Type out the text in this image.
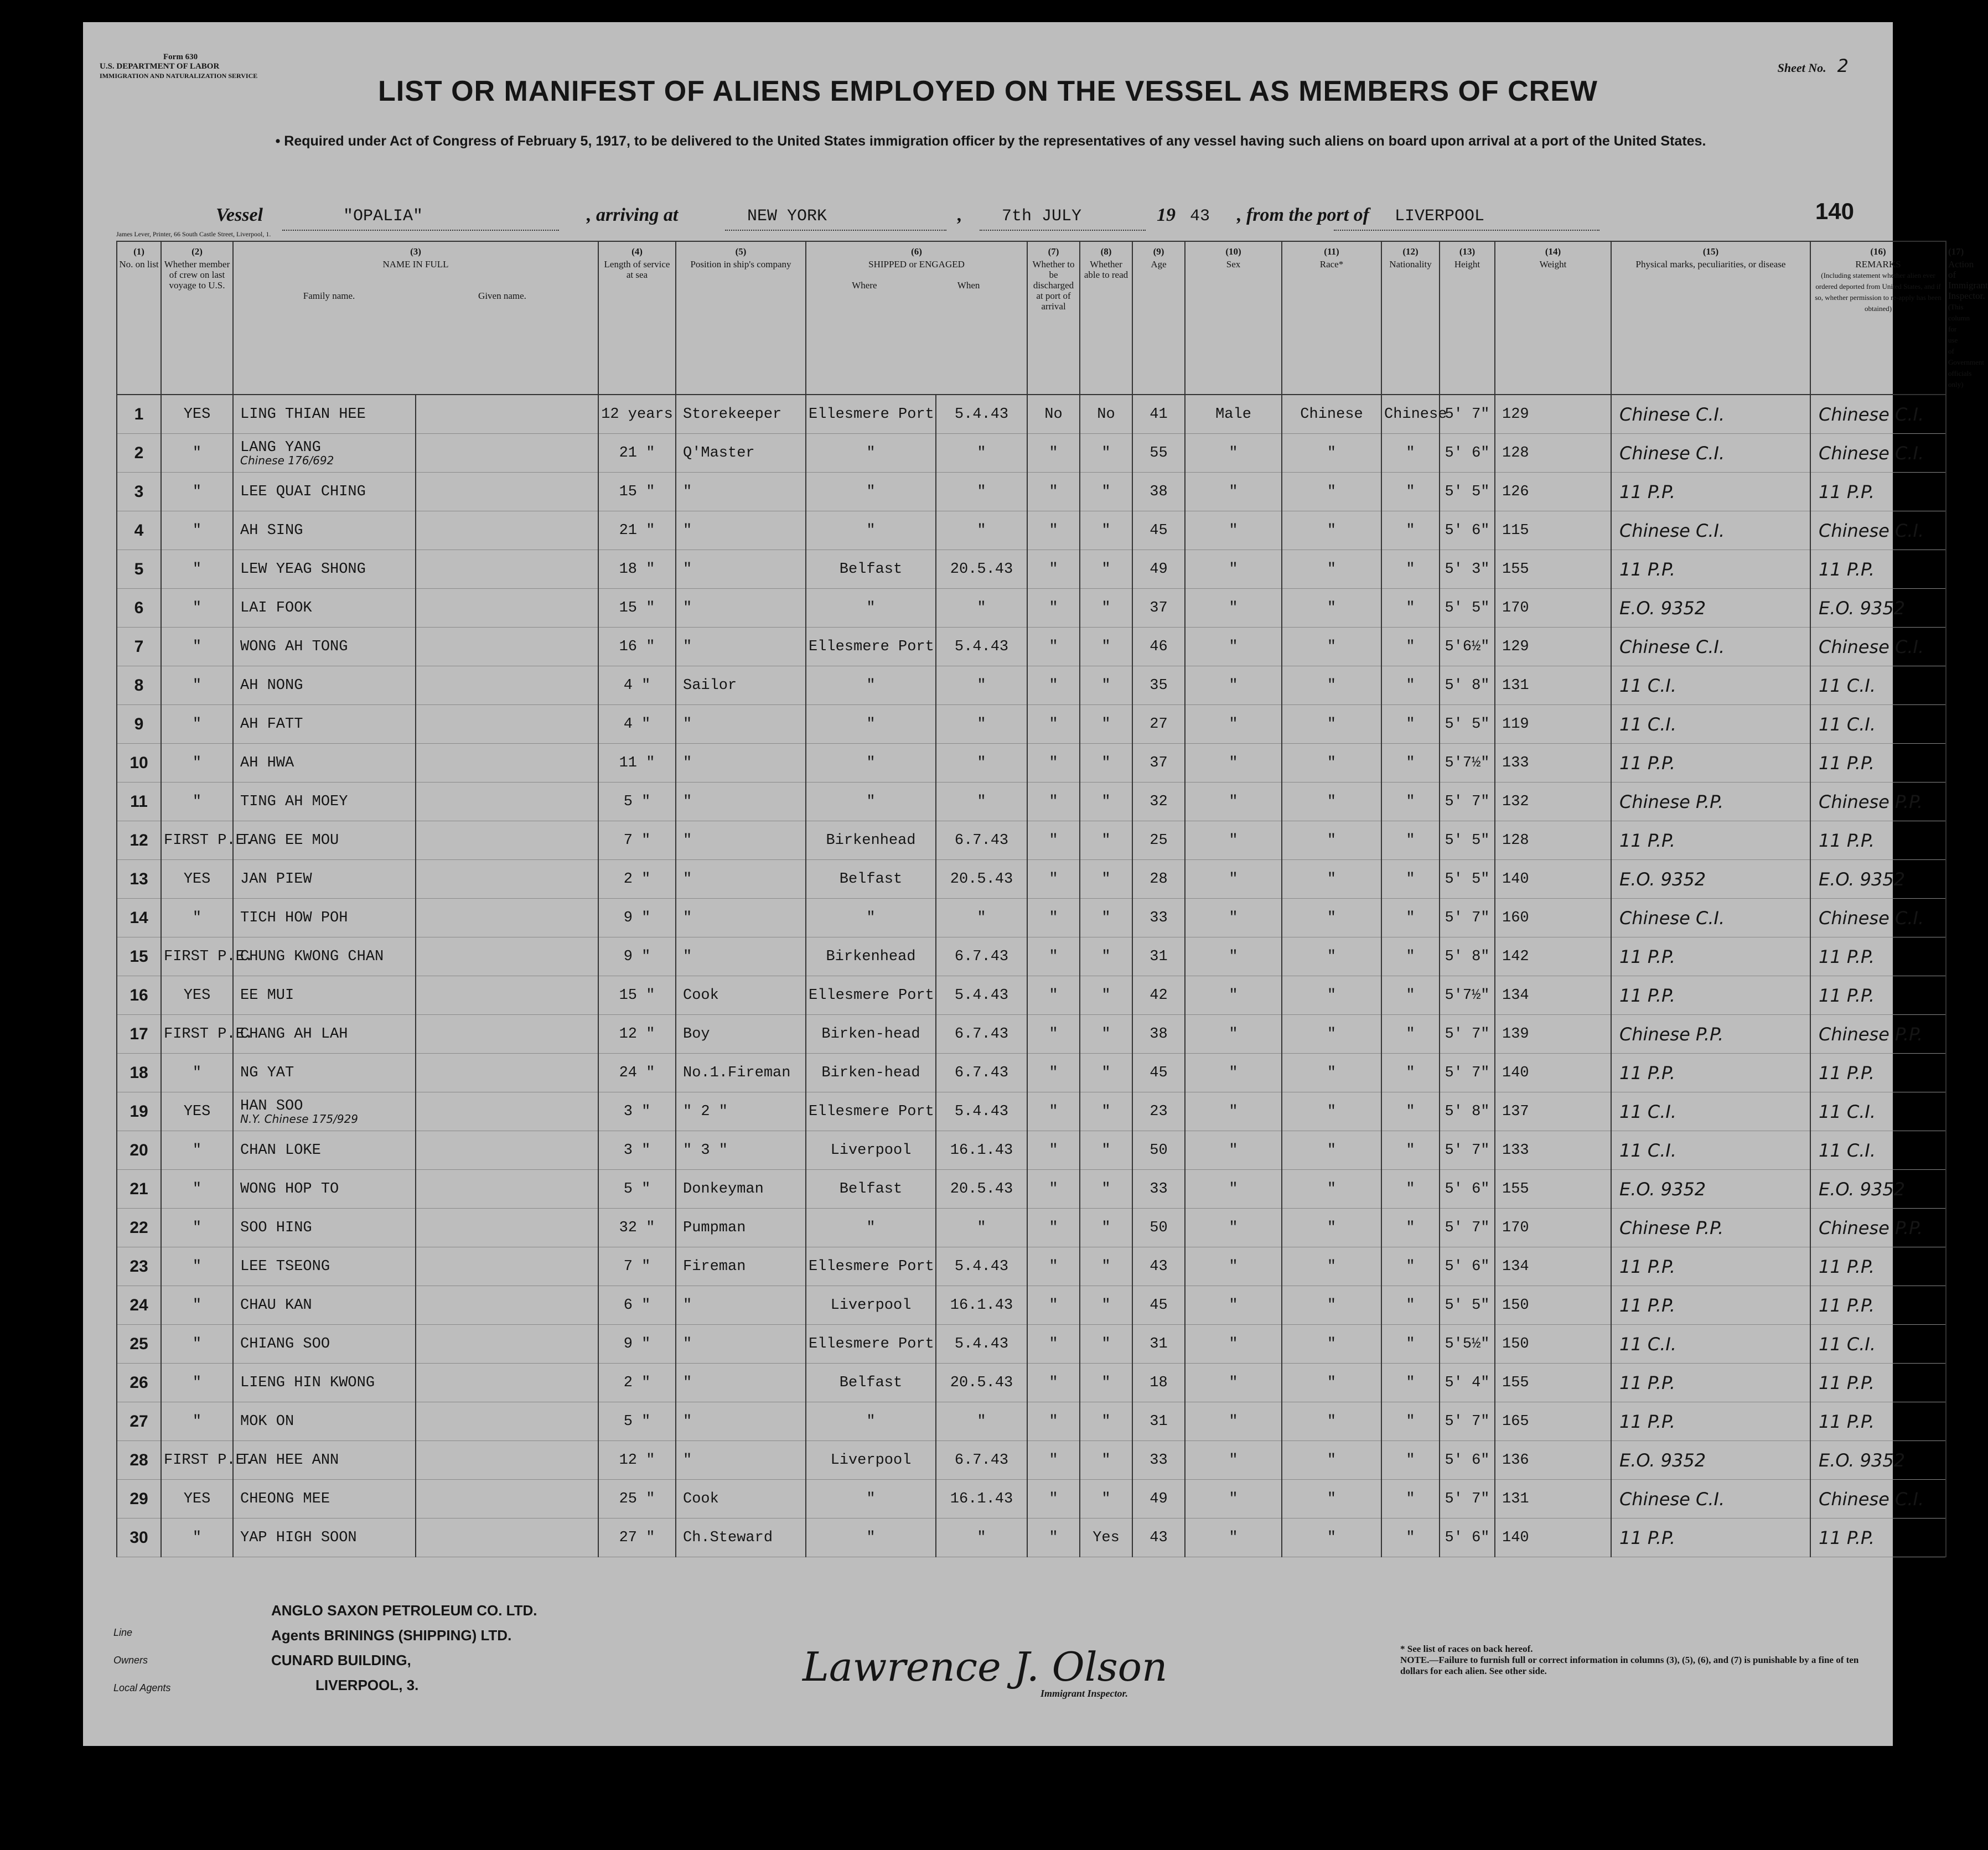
Form 630
U.S. DEPARTMENT OF LABOR
IMMIGRATION AND NATURALIZATION SERVICE
Sheet No. 2
LIST OR MANIFEST OF ALIENS EMPLOYED ON THE VESSEL AS MEMBERS OF CREW
• Required under Act of Congress of February 5, 1917, to be delivered to the United States immigration officer by the representatives of any vessel having such aliens on board upon arrival at a port of the United States.
Vessel	"OPALIA"	, arriving at	NEW YORK	, 7th JULY	19 43 , from the port of LIVERPOOL	140
James Lever, Printer, 66 South Castle Street, Liverpool, 1.
(1)
No. on list	(2)
Whether member of crew on last voyage to U.S.	(3)
NAME IN FULL

Family name. Given name.		(4)
Length of service at sea	(5)
Position in ship's company	(6)
SHIPPED or ENGAGED

Where When		(7)
Whether to be discharged at port of arrival	(8)
Whether able to read	(9)
Age	(10)
Sex	(11)
Race*	(12)
Nationality	(13)
Height	(14)
Weight	(15)
Physical marks, peculiarities, or disease	(16)
REMARKS
(Including statement whether alien ever ordered deported from United States, and if so, whether permission to re-apply has been obtained)	(17)
Action of Immigrant Inspector.
(This column for use of Government officials only)
1	YES	LING THIAN HEE		12 years	Storekeeper	Ellesmere Port	5.4.43	No	No	41	Male	Chinese	Chinese	5' 7"	129	Chinese C.I.	Chinese C.I.	
2	"	LANG YANG
Chinese 176/692		21 "	Q'Master	"	"	"	"	55	"	"	"	5' 6"	128	Chinese C.I.	Chinese C.I.	
3	"	LEE QUAI CHING		15 "	"	"	"	"	"	38	"	"	"	5' 5"	126	11 P.P.	11 P.P.	
4	"	AH SING		21 "	"	"	"	"	"	45	"	"	"	5' 6"	115	Chinese C.I.	Chinese C.I.	
5	"	LEW YEAG SHONG		18 "	"	Belfast	20.5.43	"	"	49	"	"	"	5' 3"	155	11 P.P.	11 P.P.	
6	"	LAI FOOK		15 "	"	"	"	"	"	37	"	"	"	5' 5"	170	E.O. 9352	E.O. 9352	
7	"	WONG AH TONG		16 "	"	Ellesmere Port	5.4.43	"	"	46	"	"	"	5'6½"	129	Chinese C.I.	Chinese C.I.	
8	"	AH NONG		4 "	Sailor	"	"	"	"	35	"	"	"	5' 8"	131	11 C.I.	11 C.I.	
9	"	AH FATT		4 "	"	"	"	"	"	27	"	"	"	5' 5"	119	11 C.I.	11 C.I.	
10	"	AH HWA		11 "	"	"	"	"	"	37	"	"	"	5'7½"	133	11 P.P.	11 P.P.	
11	"	TING AH MOEY		5 "	"	"	"	"	"	32	"	"	"	5' 7"	132	Chinese P.P.	Chinese P.P.	
12	FIRST P.E.	TANG EE MOU		7 "	"	Birkenhead	6.7.43	"	"	25	"	"	"	5' 5"	128	11 P.P.	11 P.P.	
13	YES	JAN PIEW		2 "	"	Belfast	20.5.43	"	"	28	"	"	"	5' 5"	140	E.O. 9352	E.O. 9352	
14	"	TICH HOW POH		9 "	"	"	"	"	"	33	"	"	"	5' 7"	160	Chinese C.I.	Chinese C.I.	
15	FIRST P.E.	CHUNG KWONG CHAN		9 "	"	Birkenhead	6.7.43	"	"	31	"	"	"	5' 8"	142	11 P.P.	11 P.P.	
16	YES	EE MUI		15 "	Cook	Ellesmere Port	5.4.43	"	"	42	"	"	"	5'7½"	134	11 P.P.	11 P.P.	
17	FIRST P.E.	CHANG AH LAH		12 "	Boy	Birken-head	6.7.43	"	"	38	"	"	"	5' 7"	139	Chinese P.P.	Chinese P.P.	
18	"	NG YAT		24 "	No.1.Fireman	Birken-head	6.7.43	"	"	45	"	"	"	5' 7"	140	11 P.P.	11 P.P.	
19	YES	HAN SOO
N.Y. Chinese 175/929		3 "	" 2 "	Ellesmere Port	5.4.43	"	"	23	"	"	"	5' 8"	137	11 C.I.	11 C.I.	
20	"	CHAN LOKE		3 "	" 3 "	Liverpool	16.1.43	"	"	50	"	"	"	5' 7"	133	11 C.I.	11 C.I.	
21	"	WONG HOP TO		5 "	Donkeyman	Belfast	20.5.43	"	"	33	"	"	"	5' 6"	155	E.O. 9352	E.O. 9352	
22	"	SOO HING		32 "	Pumpman	"	"	"	"	50	"	"	"	5' 7"	170	Chinese P.P.	Chinese P.P.	
23	"	LEE TSEONG		7 "	Fireman	Ellesmere Port	5.4.43	"	"	43	"	"	"	5' 6"	134	11 P.P.	11 P.P.	
24	"	CHAU KAN		6 "	"	Liverpool	16.1.43	"	"	45	"	"	"	5' 5"	150	11 P.P.	11 P.P.	
25	"	CHIANG SOO		9 "	"	Ellesmere Port	5.4.43	"	"	31	"	"	"	5'5½"	150	11 C.I.	11 C.I.	
26	"	LIENG HIN KWONG		2 "	"	Belfast	20.5.43	"	"	18	"	"	"	5' 4"	155	11 P.P.	11 P.P.	
27	"	MOK ON		5 "	"	"	"	"	"	31	"	"	"	5' 7"	165	11 P.P.	11 P.P.	
28	FIRST P.E.	TAN HEE ANN		12 "	"	Liverpool	6.7.43	"	"	33	"	"	"	5' 6"	136	E.O. 9352	E.O. 9352	
29	YES	CHEONG MEE		25 "	Cook	"	16.1.43	"	"	49	"	"	"	5' 7"	131	Chinese C.I.	Chinese C.I.	
30	"	YAP HIGH SOON		27 "	Ch.Steward	"	"	"	Yes	43	"	"	"	5' 6"	140	11 P.P.	11 P.P.	
Line
Owners
Local Agents
ANGLO SAXON PETROLEUM CO. LTD.
Agents BRININGS (SHIPPING) LTD.
CUNARD BUILDING,
LIVERPOOL, 3.	Lawrence J. Olson
Immigrant Inspector.
* See list of races on back hereof.
NOTE.—Failure to furnish full or correct information in columns (3), (5), (6), and (7) is punishable by a fine of ten dollars for each alien. See other side.
